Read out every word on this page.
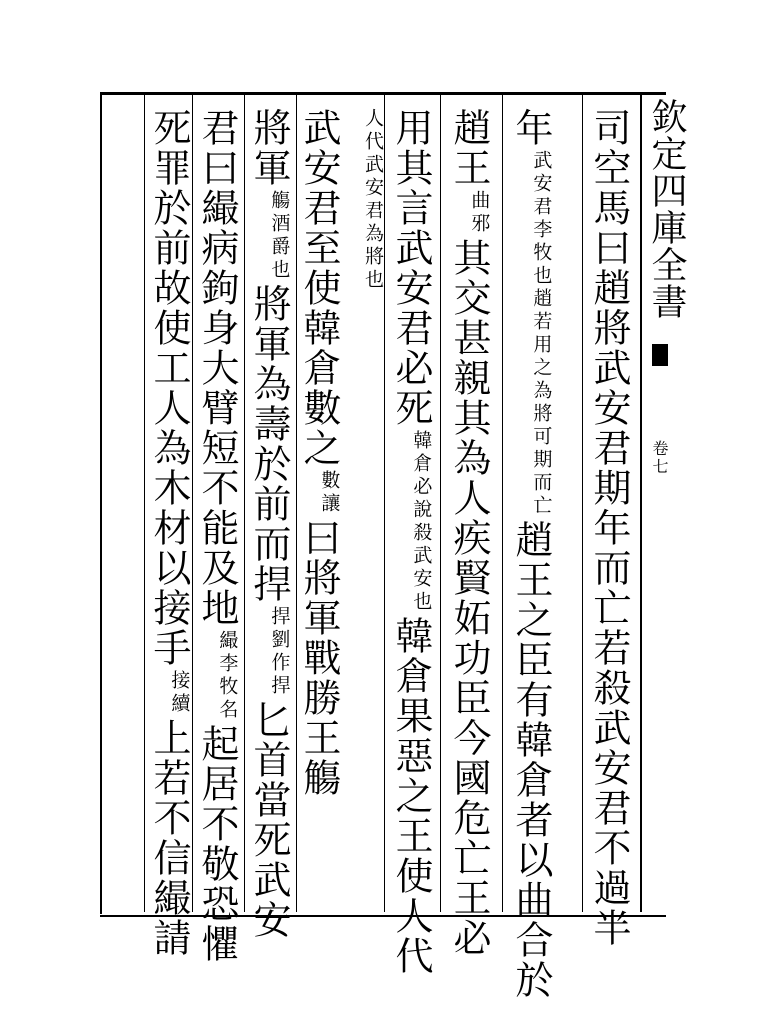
欽定四庫全書
卷七
司空馬曰趙將武安君期年而亡若殺武安君不過半
年武安君李牧也趙若用之為將可期而亡趙王之臣有韓倉者以曲合於
趙王曲邪其交甚親其為人疾賢妬功臣今國危亡王必
用其言武安君必死韓倉必說殺武安也韓倉果惡之王使人代
人代武安君為將也
武安君至使韓倉數之數讓曰將軍戰勝王觴
將軍觴酒爵也將軍為壽於前而捍捍劉作捍匕首當死武安
君曰繓病鉤身大臂短不能及地繓李牧名起居不敬恐懼
死罪於前故使工人為木材以接手接續上若不信繓請
